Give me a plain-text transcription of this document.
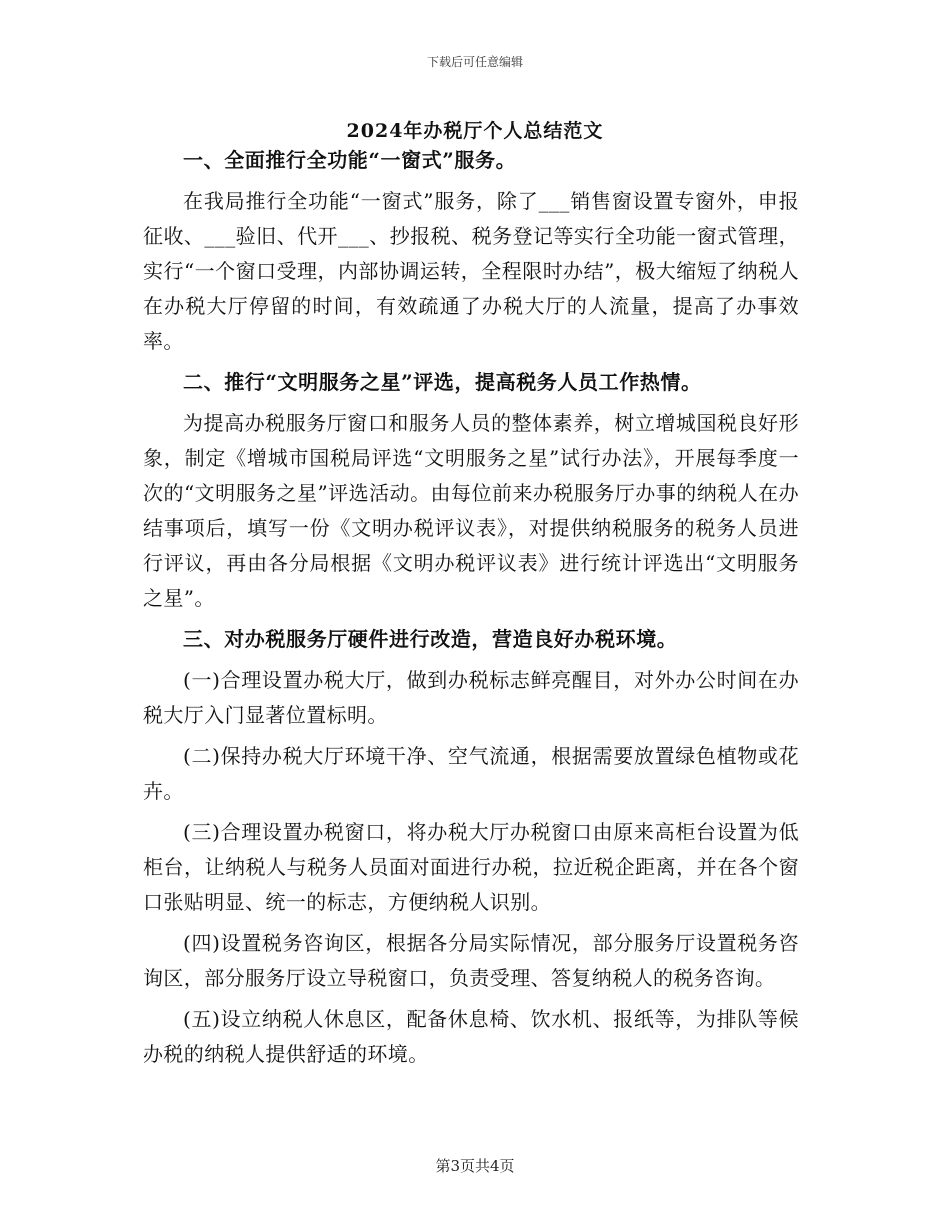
下载后可任意编辑
2024年办税厅个人总结范文

一、全面推行全功能“一窗式”服务。

在我局推行全功能“一窗式”服务，除了___销售窗设置专窗外，申报征收、___验旧、代开___、抄报税、税务登记等实行全功能一窗式管理，实行“一个窗口受理，内部协调运转，全程限时办结”，极大缩短了纳税人在办税大厅停留的时间，有效疏通了办税大厅的人流量，提高了办事效率。

二、推行“文明服务之星”评选，提高税务人员工作热情。

为提高办税服务厅窗口和服务人员的整体素养，树立增城国税良好形象，制定《增城市国税局评选“文明服务之星”试行办法》，开展每季度一次的“文明服务之星”评选活动。由每位前来办税服务厅办事的纳税人在办结事项后，填写一份《文明办税评议表》，对提供纳税服务的税务人员进行评议，再由各分局根据《文明办税评议表》进行统计评选出“文明服务之星”。

三、对办税服务厅硬件进行改造，营造良好办税环境。

(一)合理设置办税大厅，做到办税标志鲜亮醒目，对外办公时间在办税大厅入门显著位置标明。

(二)保持办税大厅环境干净、空气流通，根据需要放置绿色植物或花卉。

(三)合理设置办税窗口，将办税大厅办税窗口由原来高柜台设置为低柜台，让纳税人与税务人员面对面进行办税，拉近税企距离，并在各个窗口张贴明显、统一的标志，方便纳税人识别。

(四)设置税务咨询区，根据各分局实际情况，部分服务厅设置税务咨询区，部分服务厅设立导税窗口，负责受理、答复纳税人的税务咨询。

(五)设立纳税人休息区，配备休息椅、饮水机、报纸等，为排队等候办税的纳税人提供舒适的环境。

第3页共4页
